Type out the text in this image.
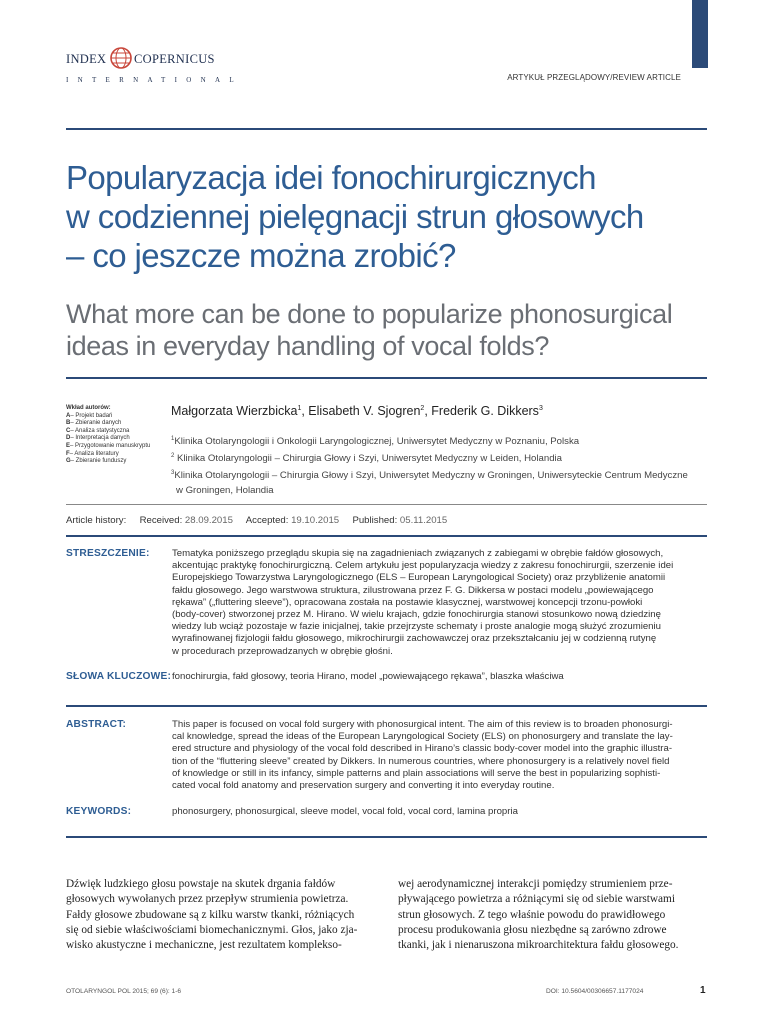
INDEX COPERNICUS
INTERNATIONAL	ARTYKUŁ PRZEGLĄDOWY/REVIEW ARTICLE
Popularyzacja idei fonochirurgicznych
w codziennej pielęgnacji strun głosowych
– co jeszcze można zrobić?
What more can be done to popularize phonosurgical
ideas in everyday handling of vocal folds?
Wkład autorów:
A– Projekt badań
B– Zbieranie danych
C– Analiza statystyczna
D– Interpretacja danych
E– Przygotowanie manuskryptu
F– Analiza literatury
G– Zbieranie funduszy
Małgorzata Wierzbicka$^1$, Elisabeth V. Sjogren$^2$, Frederik G. Dikkers$^3$
$^1$Klinika Otolaryngologii i Onkologii Laryngologicznej, Uniwersytet Medyczny w Poznaniu, Polska
$^2$ Klinika Otolaryngologii – Chirurgia Głowy i Szyi, Uniwersytet Medyczny w Leiden, Holandia
$^3$Klinika Otolaryngologii – Chirurgia Głowy i Szyi, Uniwersytet Medyczny w Groningen, Uniwersyteckie Centrum Medyczne
w Groningen, Holandia
Article history: Received: 28.09.2015 Accepted: 19.10.2015 Published: 05.11.2015
STRESZCZENIE: Tematyka poniższego przeglądu skupia się na zagadnieniach związanych z zabiegami w obrębie fałdów głosowych,
akcentując praktykę fonochirurgiczną. Celem artykułu jest popularyzacja wiedzy z zakresu fonochirurgii, szerzenie idei
Europejskiego Towarzystwa Laryngologicznego (ELS – European Laryngological Society) oraz przybliżenie anatomii
fałdu głosowego. Jego warstwowa struktura, zilustrowana przez F. G. Dikkersa w postaci modelu „powiewającego
rękawa” („fluttering sleeve”), opracowana została na postawie klasycznej, warstwowej koncepcji trzonu-powłoki
(body-cover) stworzonej przez M. Hirano. W wielu krajach, gdzie fonochirurgia stanowi stosunkowo nową dziedzinę
wiedzy lub wciąż pozostaje w fazie inicjalnej, takie przejrzyste schematy i proste analogie mogą służyć zrozumieniu
wyrafinowanej fizjologii fałdu głosowego, mikrochirurgii zachowawczej oraz przekształcaniu jej w codzienną rutynę
w procedurach przeprowadzanych w obrębie głośni.
SŁOWA KLUCZOWE: fonochirurgia, fałd głosowy, teoria Hirano, model „powiewającego rękawa”, blaszka właściwa
ABSTRACT:	This paper is focused on vocal fold surgery with phonosurgical intent. The aim of this review is to broaden phonosurgi-
cal knowledge, spread the ideas of the European Laryngological Society (ELS) on phonosurgery and translate the lay-
ered structure and physiology of the vocal fold described in Hirano’s classic body-cover model into the graphic illustra-
tion of the “fluttering sleeve” created by Dikkers. In numerous countries, where phonosurgery is a relatively novel field
of knowledge or still in its infancy, simple patterns and plain associations will serve the best in popularizing sophisti-
cated vocal fold anatomy and preservation surgery and converting it into everyday routine.
KEYWORDS:	phonosurgery, phonosurgical, sleeve model, vocal fold, vocal cord, lamina propria
Dźwięk ludzkiego głosu powstaje na skutek drgania fałdów
głosowych wywołanych przez przepływ strumienia powietrza.
Fałdy głosowe zbudowane są z kilku warstw tkanki, różniących
się od siebie właściwościami biomechanicznymi. Głos, jako zja-
wisko akustyczne i mechaniczne, jest rezultatem kompleksо-
wej aerodynamicznej interakcji pomiędzy strumieniem prze-
pływającego powietrza a różniącymi się od siebie warstwami
strun głosowych. Z tego właśnie powodu do prawidłowego
procesu produkowania głosu niezbędne są zarówno zdrowe
tkanki, jak i nienaruszona mikroarchitektura fałdu głosowego.
OTOLARYNGOL POL 2015; 69 (6): 1-6	DOI: 10.5604/00306657.1177024	1
